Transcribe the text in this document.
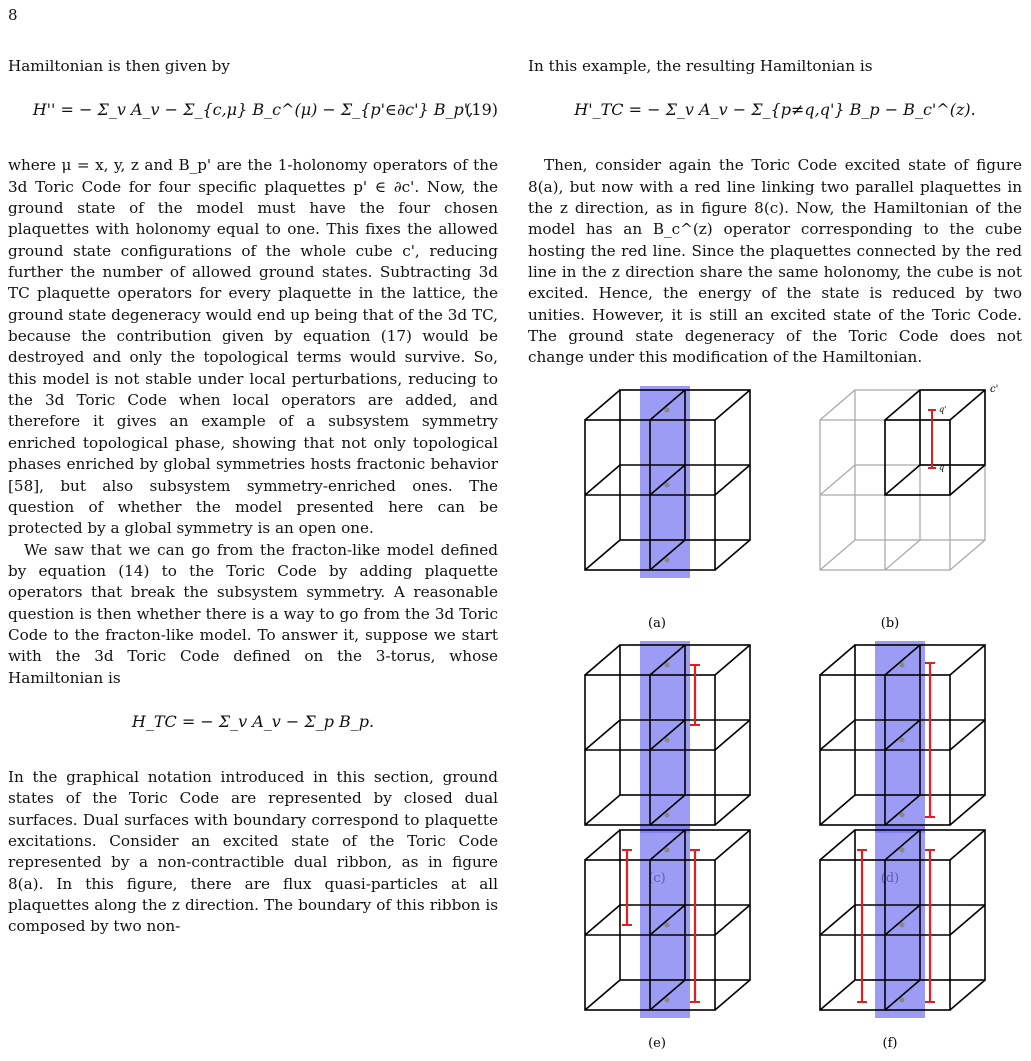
8

Hamiltonian is then given by

H'' = − Σ_v A_v − Σ_{c,μ} B_c^(μ) − Σ_{p'∈∂c'} B_p',
(19)

where μ = x, y, z and B_p' are the 1-holonomy operators of the 3d Toric Code for four specific plaquettes p' ∈ ∂c'. Now, the ground state of the model must have the four chosen plaquettes with holonomy equal to one. This fixes the allowed ground state configurations of the whole cube c', reducing further the number of allowed ground states. Subtracting 3d TC plaquette operators for every plaquette in the lattice, the ground state degeneracy would end up being that of the 3d TC, because the contribution given by equation (17) would be destroyed and only the topological terms would survive. So, this model is not stable under local perturbations, reducing to the 3d Toric Code when local operators are added, and therefore it gives an example of a subsystem symmetry enriched topological phase, showing that not only topological phases enriched by global symmetries hosts fractonic behavior [58], but also subsystem symmetry-enriched ones. The question of whether the model presented here can be protected by a global symmetry is an open one.

We saw that we can go from the fracton-like model defined by equation (14) to the Toric Code by adding plaquette operators that break the subsystem symmetry. A reasonable question is then whether there is a way to go from the 3d Toric Code to the fracton-like model. To answer it, suppose we start with the 3d Toric Code defined on the 3-torus, whose Hamiltonian is

H_TC = − Σ_v A_v − Σ_p B_p.

In the graphical notation introduced in this section, ground states of the Toric Code are represented by closed dual surfaces. Dual surfaces with boundary correspond to plaquette excitations. Consider an excited state of the Toric Code represented by a non-contractible dual ribbon, as in figure 8(a). In this figure, there are flux quasi-particles at all plaquettes along the z direction. The boundary of this ribbon is composed by two non-

In this example, the resulting Hamiltonian is

H'_TC = − Σ_v A_v − Σ_{p≠q,q'} B_p − B_c'^(z).

Then, consider again the Toric Code excited state of figure 8(a), but now with a red line linking two parallel plaquettes in the z direction, as in figure 8(c). Now, the Hamiltonian of the model has an B_c^(z) operator corresponding to the cube hosting the red line. Since the plaquettes connected by the red line in the z direction share the same holonomy, the cube is not excited. Hence, the energy of the state is reduced by two unities. However, it is still an excited state of the Toric Code. The ground state degeneracy of the Toric Code does not change under this modification of the Hamiltonian.

(a)
q'
q
c'
(b)
(e)	(f)
